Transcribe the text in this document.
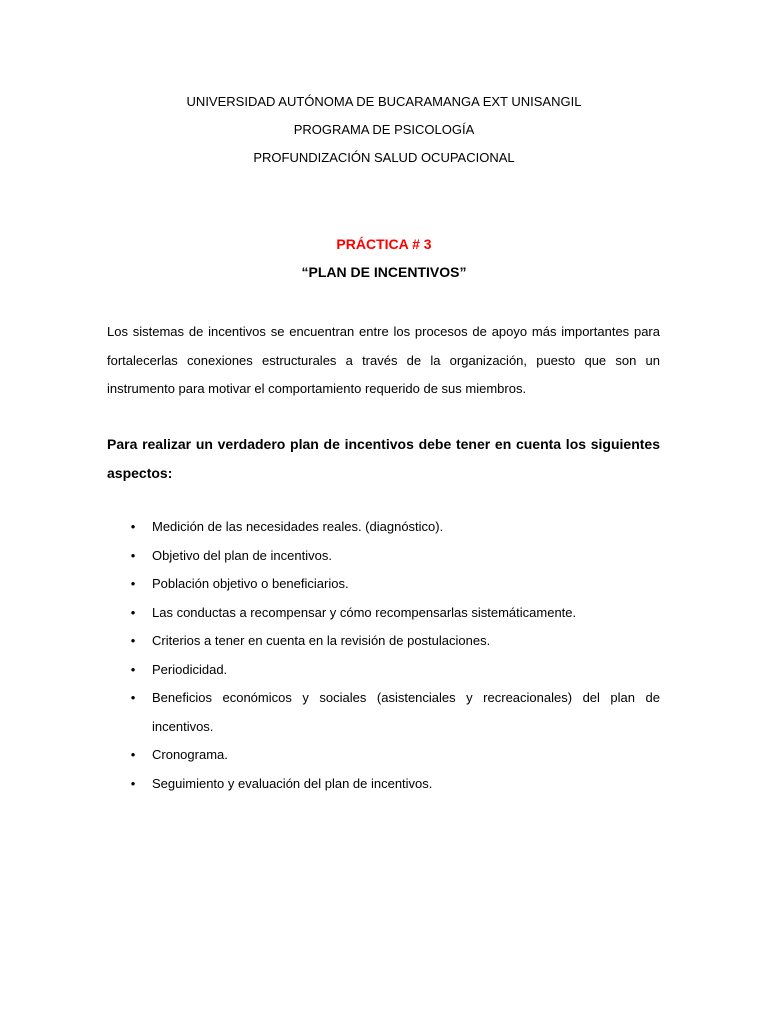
UNIVERSIDAD AUTÓNOMA DE BUCARAMANGA EXT UNISANGIL
PROGRAMA DE PSICOLOGÍA
PROFUNDIZACIÓN SALUD OCUPACIONAL
PRÁCTICA # 3
“PLAN DE INCENTIVOS”
Los sistemas de incentivos se encuentran entre los procesos de apoyo más importantes para fortalecerlas conexiones estructurales a través de la organización, puesto que son un instrumento para motivar el comportamiento requerido de sus miembros.
Para realizar un verdadero plan de incentivos debe tener en cuenta los siguientes aspectos:
• Medición de las necesidades reales. (diagnóstico).
• Objetivo del plan de incentivos.
• Población objetivo o beneficiarios.
• Las conductas a recompensar y cómo recompensarlas sistemáticamente.
• Criterios a tener en cuenta en la revisión de postulaciones.
• Periodicidad.
• Beneficios económicos y sociales (asistenciales y recreacionales) del plan de incentivos.
• Cronograma.
• Seguimiento y evaluación del plan de incentivos.
